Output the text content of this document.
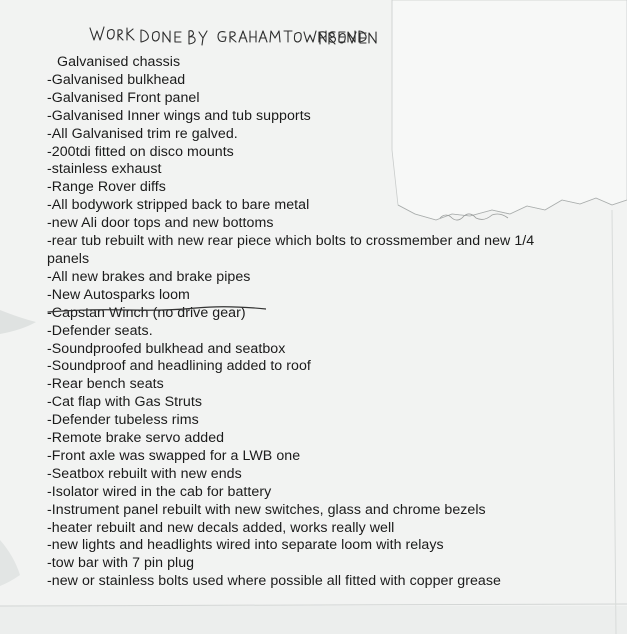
Galvanised chassis
-Galvanised bulkhead
-Galvanised Front panel
-Galvanised Inner wings and tub supports
-All Galvanised trim re galved.
-200tdi fitted on disco mounts
-stainless exhaust
-Range Rover diffs
-All bodywork stripped back to bare metal
-new Ali door tops and new bottoms
-rear tub rebuilt with new rear piece which bolts to crossmember and new 1/4 panels
-All new brakes and brake pipes
-New Autosparks loom
-Capstan Winch (no drive gear)
-Defender seats.
-Soundproofed bulkhead and seatbox
-Soundproof and headlining added to roof
-Rear bench seats
-Cat flap with Gas Struts
-Defender tubeless rims
-Remote brake servo added
-Front axle was swapped for a LWB one
-Seatbox rebuilt with new ends
-Isolator wired in the cab for battery
-Instrument panel rebuilt with new switches, glass and chrome bezels
-heater rebuilt and new decals added, works really well
-new lights and headlights wired into separate loom with relays
-tow bar with 7 pin plug
-new or stainless bolts used where possible all fitted with copper grease
